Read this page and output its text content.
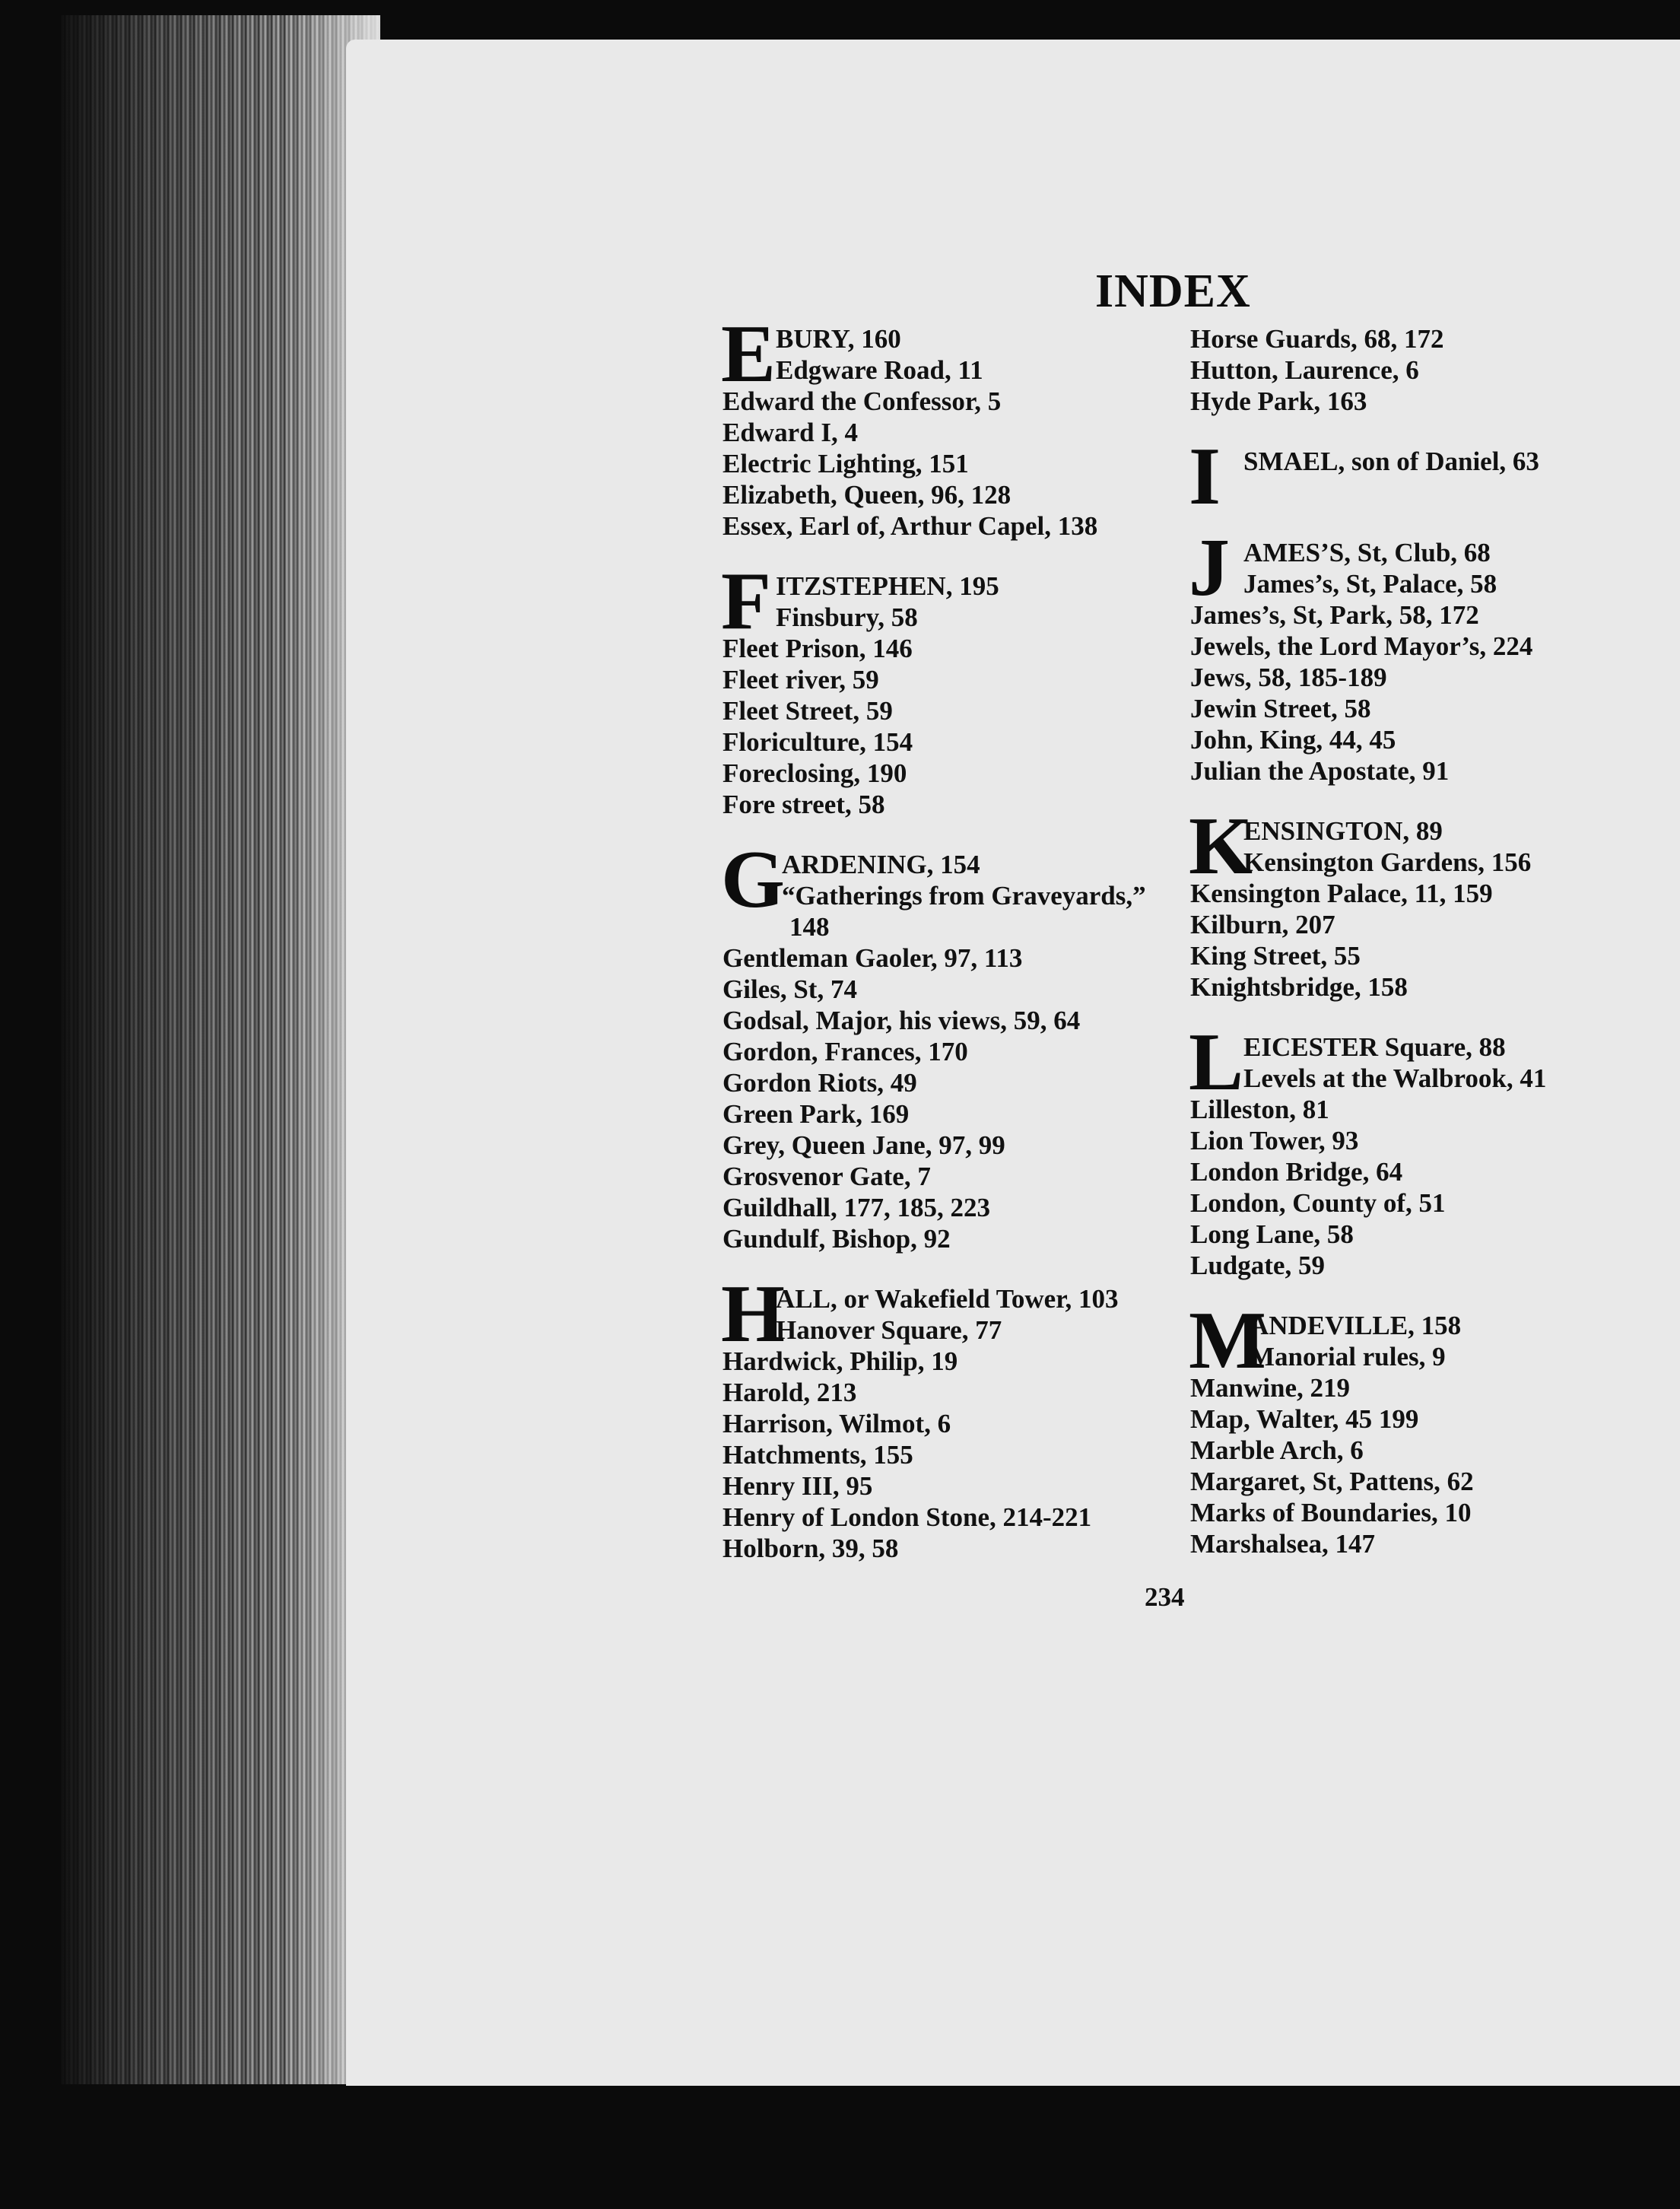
INDEX
E BURY, 160
Edgware Road, 11
Edward the Confessor, 5
Edward I, 4
Electric Lighting, 151
Elizabeth, Queen, 96, 128
Essex, Earl of, Arthur Capel, 138
F ITZSTEPHEN, 195
Finsbury, 58
Fleet Prison, 146
Fleet river, 59
Fleet Street, 59
Floriculture, 154
Foreclosing, 190
Fore street, 58
G
ARDENING, 154
“Gatherings from Graveyards,”
148
Gentleman Gaoler, 97, 113
Giles, St, 74
Godsal, Major, his views, 59, 64
Gordon, Frances, 170
Gordon Riots, 49
Green Park, 169
Grey, Queen Jane, 97, 99
Grosvenor Gate, 7
Guildhall, 177, 185, 223
Gundulf, Bishop, 92
H
ALL, or Wakefield Tower, 103
Hanover Square, 77
Hardwick, Philip, 19
Harold, 213
Harrison, Wilmot, 6
Hatchments, 155
Henry III, 95
Henry of London Stone, 214-221
Holborn, 39, 58
Horse Guards, 68, 172
Hutton, Laurence, 6
Hyde Park, 163
I SMAEL, son of Daniel, 63
J AMES’S, St, Club, 68
James’s, St, Palace, 58
James’s, St, Park, 58, 172
Jewels, the Lord Mayor’s, 224
Jews, 58, 185-189
Jewin Street, 58
John, King, 44, 45
Julian the Apostate, 91
K
ENSINGTON, 89
Kensington Gardens, 156
Kensington Palace, 11, 159
Kilburn, 207
King Street, 55
Knightsbridge, 158
L EICESTER Square, 88
Levels at the Walbrook, 41
Lilleston, 81
Lion Tower, 93
London Bridge, 64
London, County of, 51
Long Lane, 58
Ludgate, 59
M
ANDEVILLE, 158
Manorial rules, 9
Manwine, 219
Map, Walter, 45 199
Marble Arch, 6
Margaret, St, Pattens, 62
Marks of Boundaries, 10
Marshalsea, 147
234
